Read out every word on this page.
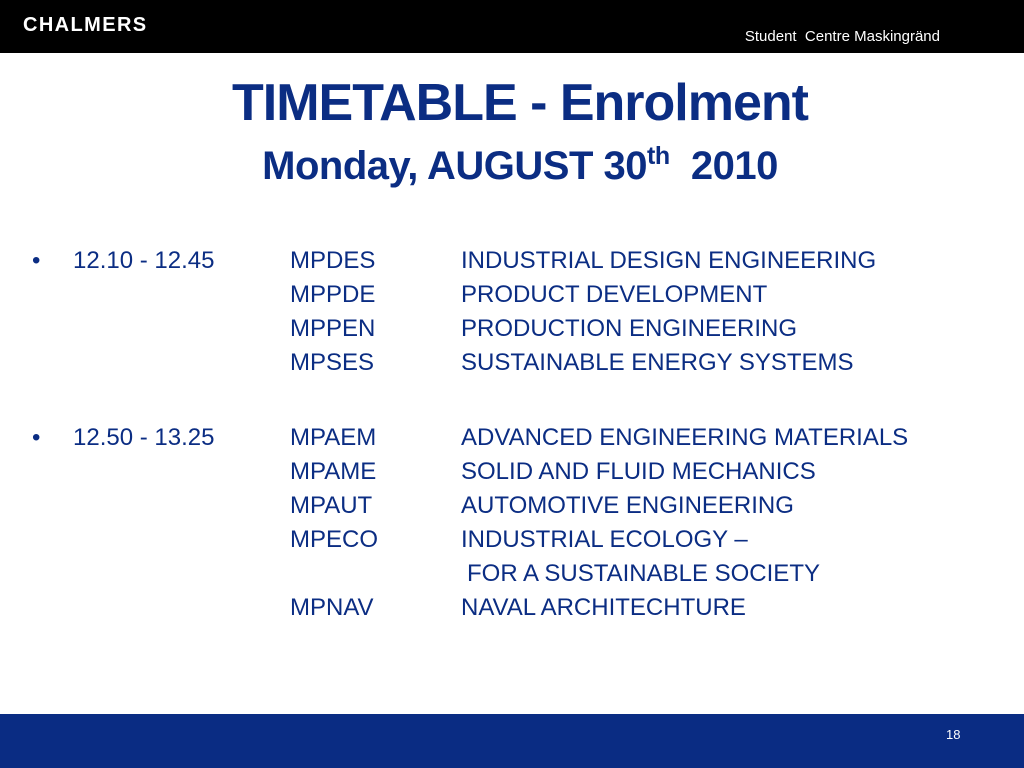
CHALMERS
Student  Centre Maskingränd
TIMETABLE - Enrolment
Monday, AUGUST 30th  2010
• 12.10 - 12.45	MPDES	INDUSTRIAL DESIGN ENGINEERING
MPPDE	PRODUCT DEVELOPMENT
MPPEN	PRODUCTION ENGINEERING
MPSES	SUSTAINABLE ENERGY SYSTEMS
• 12.50 - 13.25	MPAEM	ADVANCED ENGINEERING MATERIALS
MPAME	SOLID AND FLUID MECHANICS
MPAUT	AUTOMOTIVE ENGINEERING
MPECO	INDUSTRIAL ECOLOGY –
FOR A SUSTAINABLE SOCIETY
MPNAV	NAVAL ARCHITECHTURE
18
